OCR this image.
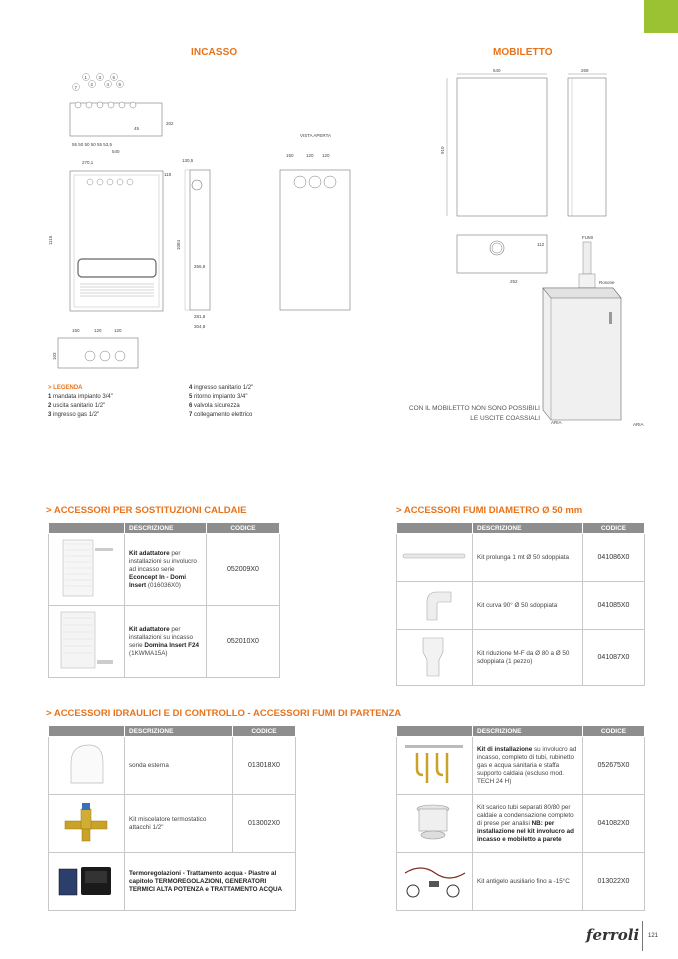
INCASSO	MOBILETTO
7
1
2
3
4
5
6
55 50 50 50 55 53,5
540
202
45
270,1
118
1115
130,5
1084
266,8
281,8
304,8
VISTA APERTA
150	120 120
150	120	120
103
540
910
269
112
252
FUMI
Rosone
ARIA	ARIA
> LEGENDA
1 mandata impianto 3/4"
2 uscita sanitario 1/2"
3 ingresso gas 1/2"
4 ingresso sanitario 1/2"
5 ritorno impianto 3/4"
6 valvola sicurezza
7 collegamento elettrico
CON IL MOBILETTO NON SONO POSSIBILI
LE USCITE COASSIALI
> ACCESSORI PER SOSTITUZIONI CALDAIE
	DESCRIZIONE	CODICE
	Kit adattatore per installazioni su involucro ad incasso serie Econcept In - Domi Insert (016036X0)	052009X0
	Kit adattatore per installazioni su incasso serie Domina Insert F24 (1KWMA15A)	052010X0
> ACCESSORI FUMI DIAMETRO Ø 50 mm
	DESCRIZIONE	CODICE
	Kit prolunga 1 mt Ø 50 sdoppiata	041086X0
	Kit curva 90° Ø 50 sdoppiata	041085X0
	Kit riduzione M-F da Ø 80 a Ø 50 sdoppiata (1 pezzo)	041087X0
> ACCESSORI IDRAULICI E DI CONTROLLO - ACCESSORI FUMI DI PARTENZA
	DESCRIZIONE	CODICE
	sonda esterna	013018X0
	Kit miscelatore termostatico attacchi 1/2"	013002X0
	Termoregolazioni - Trattamento acqua - Piastre al capitolo TERMOREGOLAZIONI, GENERATORI TERMICI ALTA POTENZA e TRATTAMENTO ACQUA	
	DESCRIZIONE	CODICE
	Kit di installazione su involucro ad incasso, completo di tubi, rubinetto gas e acqua sanitaria e staffa supporto caldaia (escluso mod. TECH 24 H)	052675X0
	Kit scarico tubi separati 80/80 per caldaie a condensazione completo di prese per analisi NB: per installazione nel kit involucro ad incasso e mobiletto a parete	041082X0
	Kit antigelo ausiliario fino a -15°C	013022X0
ferroli 121
